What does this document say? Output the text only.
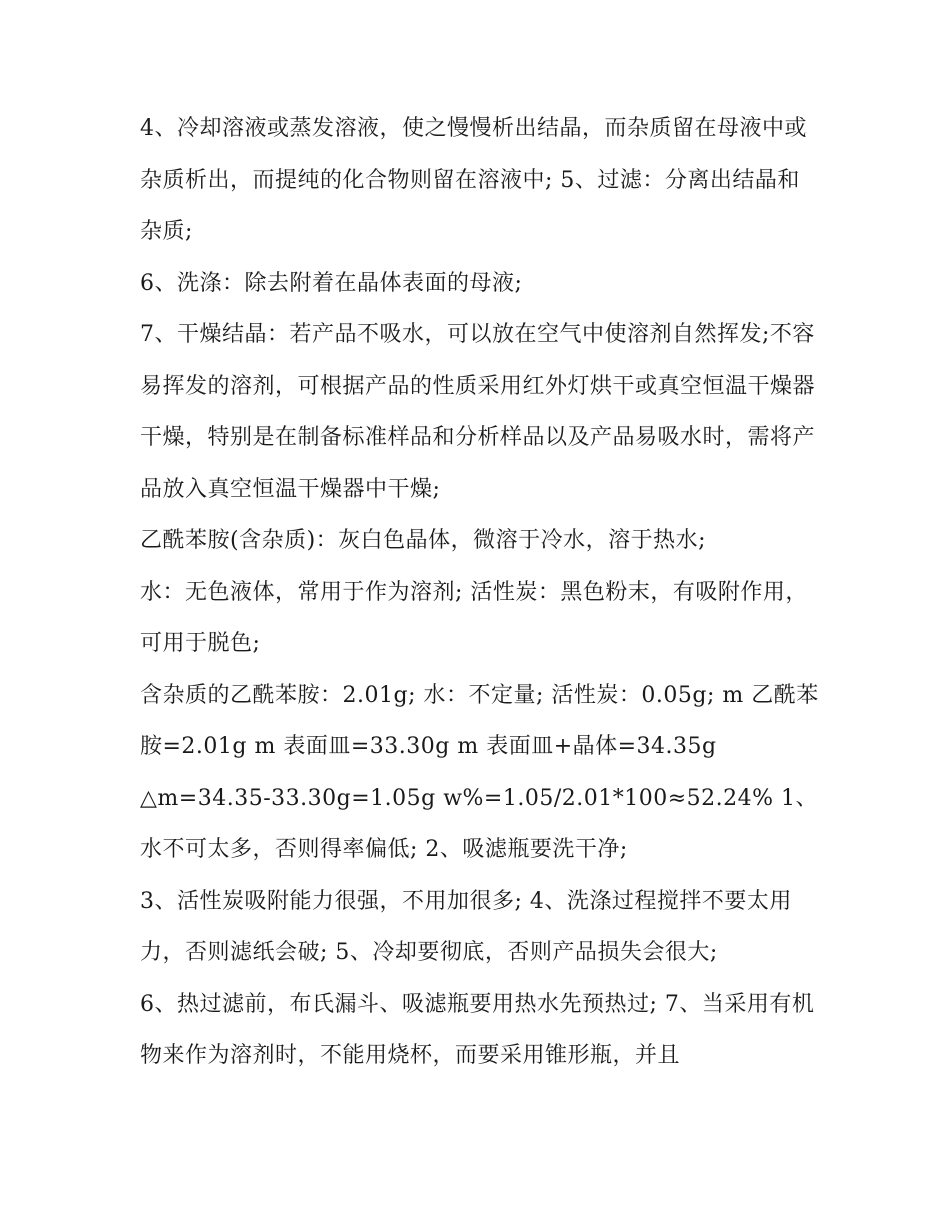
4、冷却溶液或蒸发溶液，使之慢慢析出结晶，而杂质留在母液中或杂质析出，而提纯的化合物则留在溶液中; 5、过滤：分离出结晶和杂质;

6、洗涤：除去附着在晶体表面的母液;

7、干燥结晶：若产品不吸水，可以放在空气中使溶剂自然挥发;不容易挥发的溶剂，可根据产品的性质采用红外灯烘干或真空恒温干燥器干燥，特别是在制备标准样品和分析样品以及产品易吸水时，需将产品放入真空恒温干燥器中干燥;

乙酰苯胺(含杂质)：灰白色晶体，微溶于冷水，溶于热水;

水：无色液体，常用于作为溶剂; 活性炭：黑色粉末，有吸附作用，可用于脱色;

含杂质的乙酰苯胺：2.01g; 水：不定量; 活性炭：0.05g; m 乙酰苯胺=2.01g m 表面皿=33.30g m 表面皿+晶体=34.35g

△m=34.35-33.30g=1.05g w%=1.05/2.01*100≈52.24% 1、水不可太多，否则得率偏低; 2、吸滤瓶要洗干净;

3、活性炭吸附能力很强，不用加很多; 4、洗涤过程搅拌不要太用力，否则滤纸会破; 5、冷却要彻底，否则产品损失会很大;

6、热过滤前，布氏漏斗、吸滤瓶要用热水先预热过; 7、当采用有机物来作为溶剂时，不能用烧杯，而要采用锥形瓶，并且
